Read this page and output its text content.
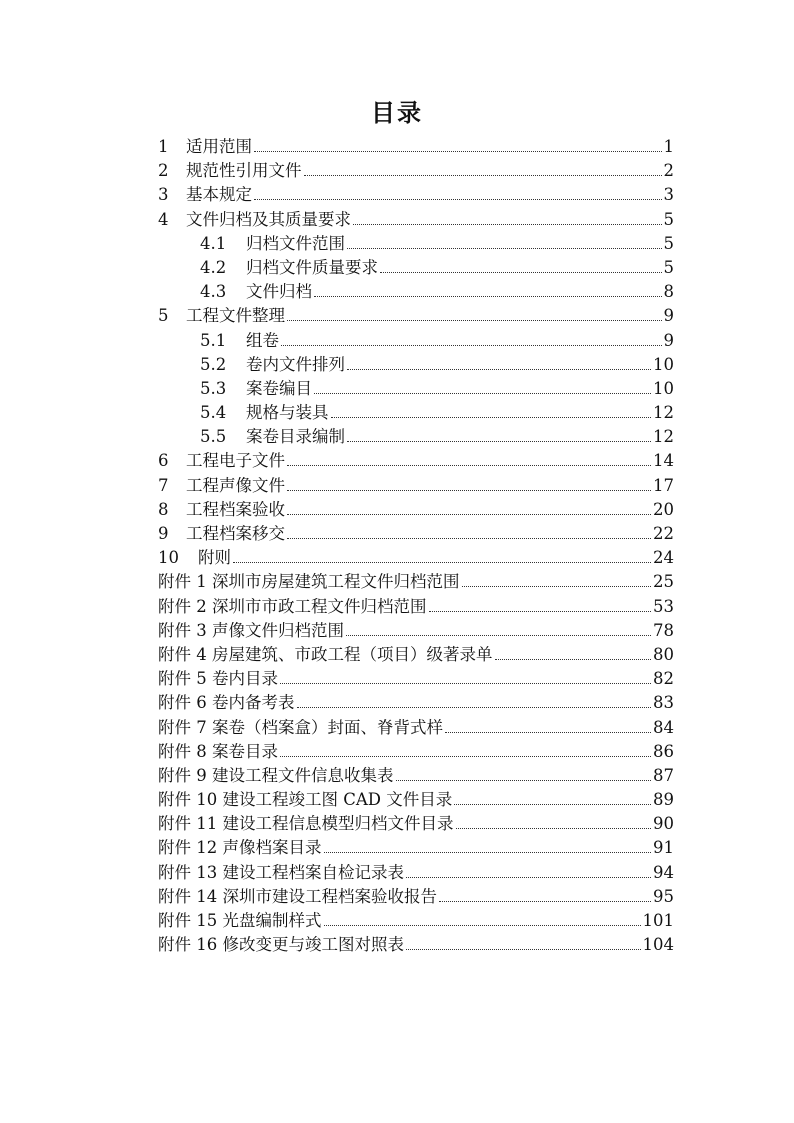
目录
1	适用范围	1
2	规范性引用文件	2
3	基本规定	3
4	文件归档及其质量要求	5
4.1	归档文件范围	5
4.2	归档文件质量要求	5
4.3	文件归档	8
5	工程文件整理	9
5.1	组卷	9
5.2	卷内文件排列	10
5.3	案卷编目	10
5.4	规格与装具	12
5.5	案卷目录编制	12
6	工程电子文件	14
7	工程声像文件	17
8	工程档案验收	20
9	工程档案移交	22
10	附则	24
附件 1 深圳市房屋建筑工程文件归档范围	25
附件 2 深圳市市政工程文件归档范围	53
附件 3 声像文件归档范围	78
附件 4 房屋建筑、市政工程（项目）级著录单	80
附件 5 卷内目录	82
附件 6 卷内备考表	83
附件 7 案卷（档案盒）封面、脊背式样	84
附件 8 案卷目录	86
附件 9 建设工程文件信息收集表	87
附件 10 建设工程竣工图 CAD 文件目录	89
附件 11 建设工程信息模型归档文件目录	90
附件 12 声像档案目录	91
附件 13 建设工程档案自检记录表	94
附件 14 深圳市建设工程档案验收报告	95
附件 15 光盘编制样式	101
附件 16 修改变更与竣工图对照表	104
